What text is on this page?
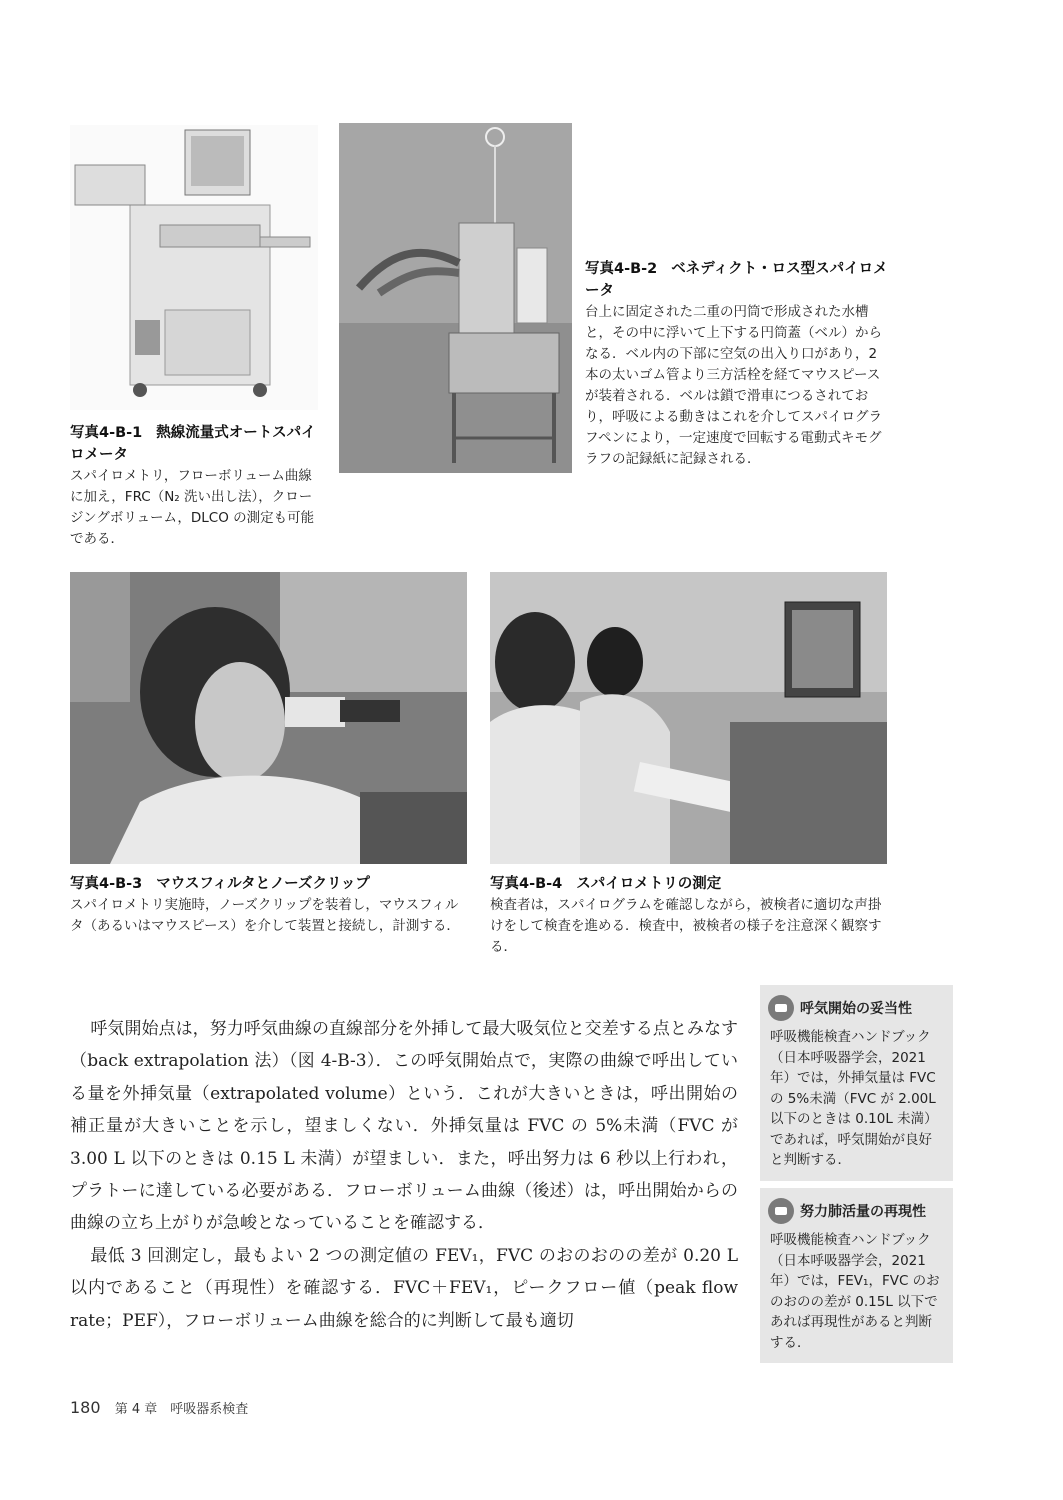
写真4-B-1 熱線流量式オートスパイロメータ
スパイロメトリ，フローボリューム曲線に加え，FRC（N₂ 洗い出し法），クロージングボリューム，DLCO の測定も可能である．
写真4-B-2 ベネディクト・ロス型スパイロメータ
台上に固定された二重の円筒で形成された水槽と，その中に浮いて上下する円筒蓋（ベル）からなる．ベル内の下部に空気の出入り口があり，2 本の太いゴム管より三方活栓を経てマウスピースが装着される．ベルは鎖で滑車につるされており，呼吸による動きはこれを介してスパイログラフペンにより，一定速度で回転する電動式キモグラフの記録紙に記録される．
写真4-B-3 マウスフィルタとノーズクリップ
スパイロメトリ実施時，ノーズクリップを装着し，マウスフィルタ（あるいはマウスピース）を介して装置と接続し，計測する．
写真4-B-4 スパイロメトリの測定
検査者は，スパイログラムを確認しながら，被検者に適切な声掛けをして検査を進める．検査中，被検者の様子を注意深く観察する．

呼気開始点は，努力呼気曲線の直線部分を外挿して最大吸気位と交差する点とみなす（back extrapolation 法）（図 4-B-3）．この呼気開始点で，実際の曲線で呼出している量を外挿気量（extrapolated volume）という．これが大きいときは，呼出開始の補正量が大きいことを示し，望ましくない．外挿気量は FVC の 5%未満（FVC が 3.00 L 以下のときは 0.15 L 未満）が望ましい．また，呼出努力は 6 秒以上行われ，プラトーに達している必要がある．フローボリューム曲線（後述）は，呼出開始からの曲線の立ち上がりが急峻となっていることを確認する．

最低 3 回測定し，最もよい 2 つの測定値の FEV₁，FVC のおのおのの差が 0.20 L 以内であること（再現性）を確認する．FVC＋FEV₁，ピークフロー値（peak flow rate；PEF），フローボリューム曲線を総合的に判断して最も適切

呼気開始の妥当性
呼吸機能検査ハンドブック（日本呼吸器学会，2021 年）では，外挿気量は FVC の 5%未満（FVC が 2.00L 以下のときは 0.10L 未満）であれば，呼気開始が良好と判断する．
努力肺活量の再現性
呼吸機能検査ハンドブック（日本呼吸器学会，2021 年）では，FEV₁，FVC のおのおのの差が 0.15L 以下であれば再現性があると判断する．
180 第 4 章　呼吸器系検査
